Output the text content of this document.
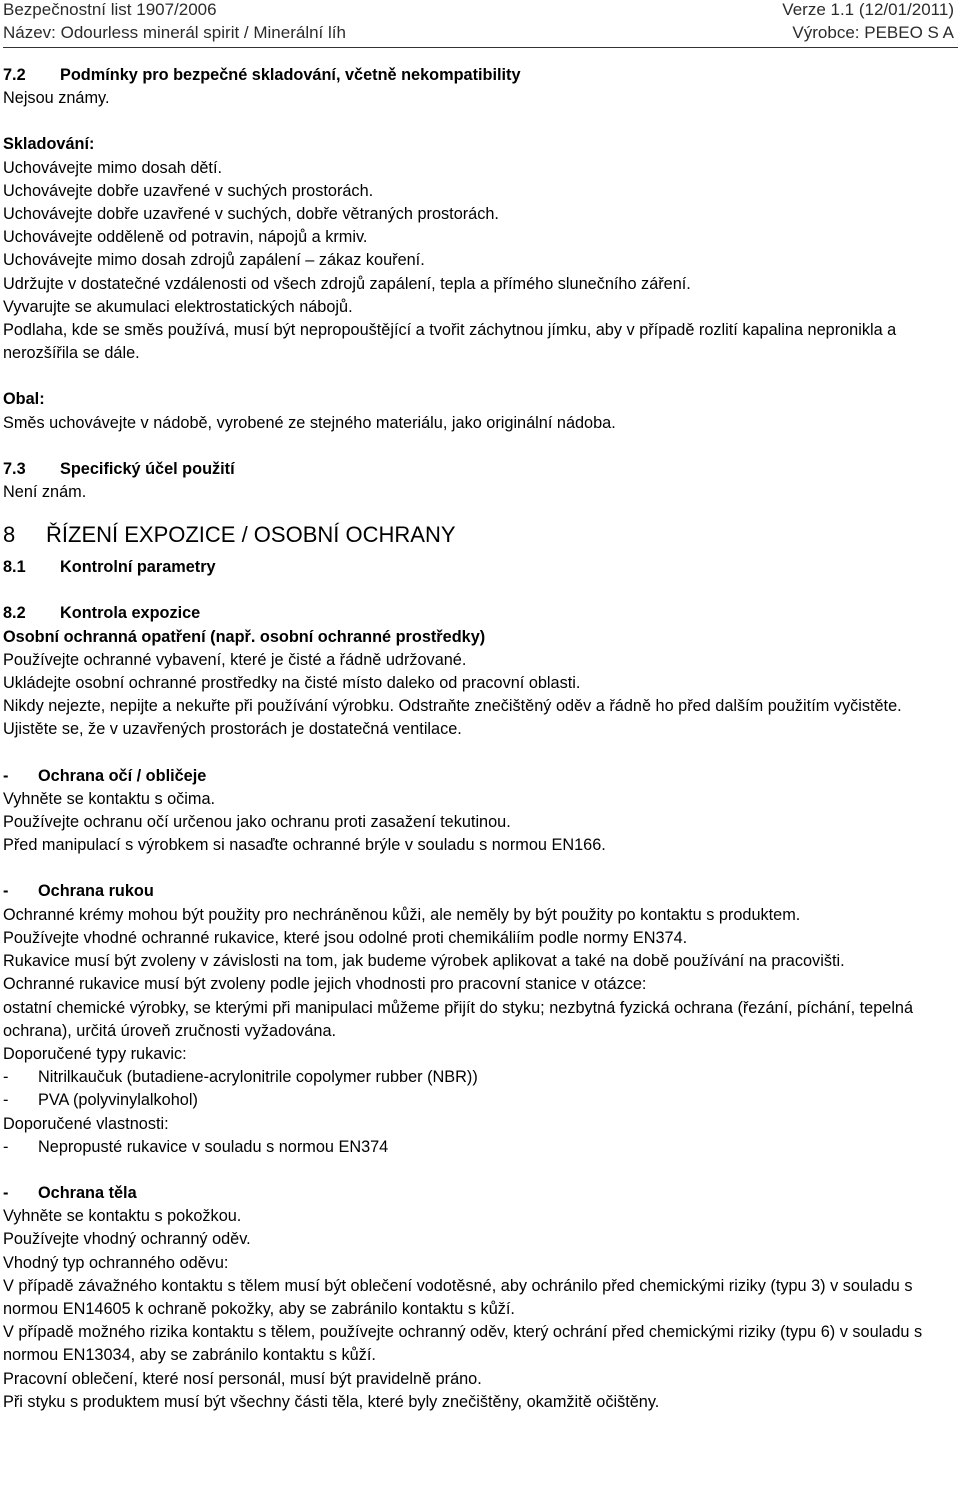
Bezpečnostní list 1907/2006	Verze 1.1 (12/01/2011)
Název: Odourless minerál spirit / Minerální líh	Výrobce: PEBEO S A

7.2 Podmínky pro bezpečné skladování, včetně nekompatibility

Nejsou známy.

Skladování:

Uchovávejte mimo dosah dětí.

Uchovávejte dobře uzavřené v suchých prostorách.

Uchovávejte dobře uzavřené v suchých, dobře větraných prostorách.

Uchovávejte odděleně od potravin, nápojů a krmiv.

Uchovávejte mimo dosah zdrojů zapálení – zákaz kouření.

Udržujte v dostatečné vzdálenosti od všech zdrojů zapálení, tepla a přímého slunečního záření.

Vyvarujte se akumulaci elektrostatických nábojů.

Podlaha, kde se směs používá, musí být nepropouštějící a tvořit záchytnou jímku, aby v případě rozlití kapalina nepronikla a nerozšířila se dále.

Obal:

Směs uchovávejte v nádobě, vyrobené ze stejného materiálu, jako originální nádoba.

7.3 Specifický účel použití

Není znám.

8 ŘÍZENÍ EXPOZICE / OSOBNÍ OCHRANY

8.1 Kontrolní parametry

8.2 Kontrola expozice

Osobní ochranná opatření (např. osobní ochranné prostředky)

Používejte ochranné vybavení, které je čisté a řádně udržované.

Ukládejte osobní ochranné prostředky na čisté místo daleko od pracovní oblasti.

Nikdy nejezte, nepijte a nekuřte při používání výrobku. Odstraňte znečištěný oděv a řádně ho před dalším použitím vyčistěte. Ujistěte se, že v uzavřených prostorách je dostatečná ventilace.

- Ochrana očí / obličeje

Vyhněte se kontaktu s očima.

Používejte ochranu očí určenou jako ochranu proti zasažení tekutinou.

Před manipulací s výrobkem si nasaďte ochranné brýle v souladu s normou EN166.

- Ochrana rukou

Ochranné krémy mohou být použity pro nechráněnou kůži, ale neměly by být použity po kontaktu s produktem.

Používejte vhodné ochranné rukavice, které jsou odolné proti chemikáliím podle normy EN374.

Rukavice musí být zvoleny v závislosti na tom, jak budeme výrobek aplikovat a také na době používání na pracovišti.

Ochranné rukavice musí být zvoleny podle jejich vhodnosti pro pracovní stanice v otázce:

ostatní chemické výrobky, se kterými při manipulaci můžeme přijít do styku; nezbytná fyzická ochrana (řezání, píchání, tepelná ochrana), určitá úroveň zručnosti vyžadována.

Doporučené typy rukavic:

- Nitrilkaučuk (butadiene-acrylonitrile copolymer rubber (NBR))

- PVA (polyvinylalkohol)

Doporučené vlastnosti:

- Nepropusté rukavice v souladu s normou EN374

- Ochrana těla

Vyhněte se kontaktu s pokožkou.

Používejte vhodný ochranný oděv.

Vhodný typ ochranného oděvu:

V případě závažného kontaktu s tělem musí být oblečení vodotěsné, aby ochránilo před chemickými riziky (typu 3) v souladu s normou EN14605 k ochraně pokožky, aby se zabránilo kontaktu s kůží.

V případě možného rizika kontaktu s tělem, používejte ochranný oděv, který ochrání před chemickými riziky (typu 6) v souladu s normou EN13034, aby se zabránilo kontaktu s kůží.

Pracovní oblečení, které nosí personál, musí být pravidelně práno.

Při styku s produktem musí být všechny části těla, které byly znečištěny, okamžitě očištěny.
